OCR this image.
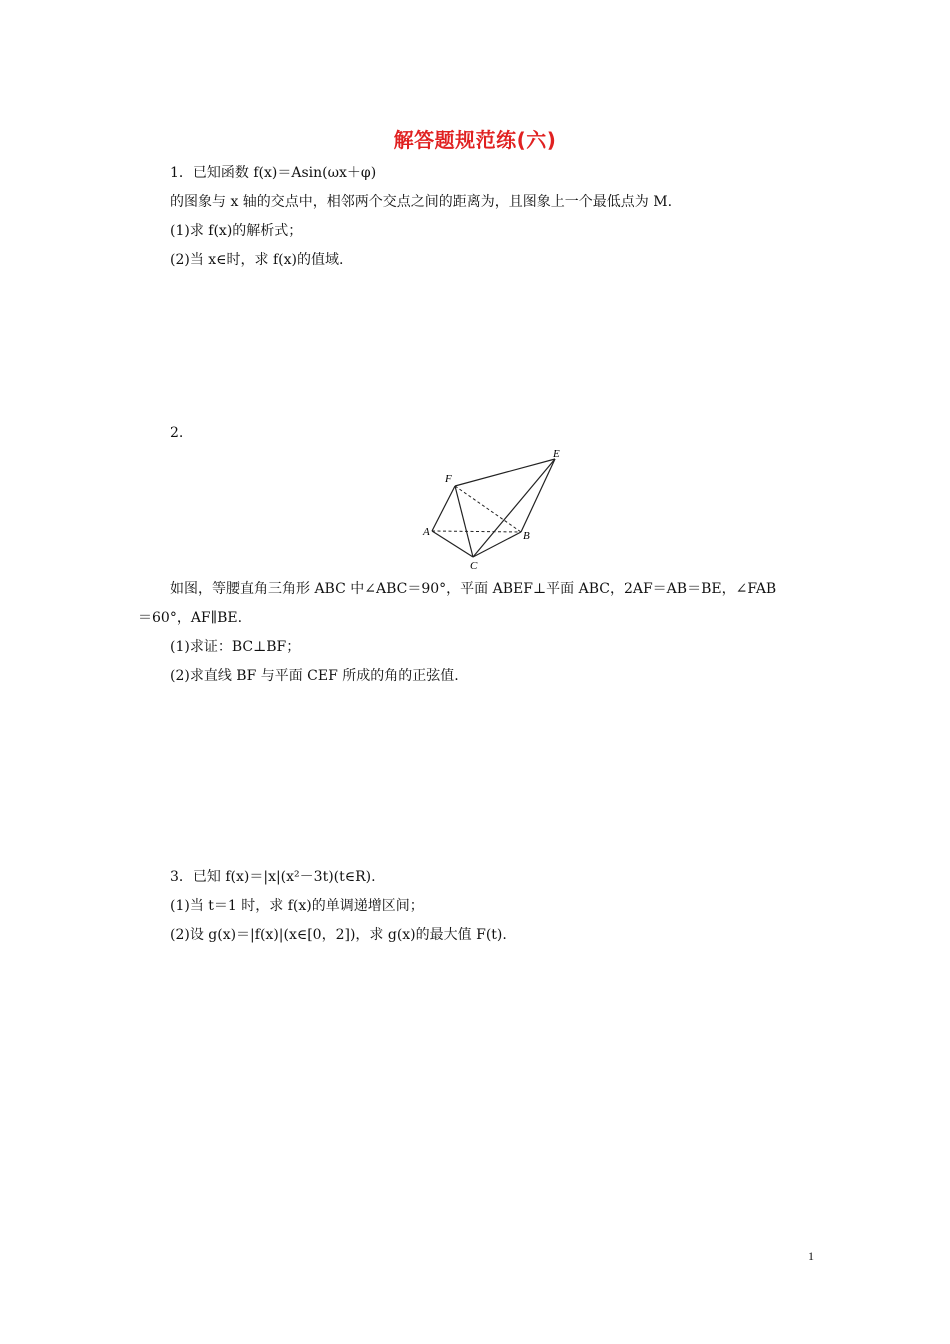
解答题规范练(六)
1．已知函数 f(x)＝Asin(ωx＋φ)
的图象与 x 轴的交点中，相邻两个交点之间的距离为，且图象上一个最低点为 M.
(1)求 f(x)的解析式；
(2)当 x∈时，求 f(x)的值域.
2.
F
E
A	B
C
如图，等腰直角三角形 ABC 中∠ABC＝90°，平面 ABEF⊥平面 ABC，2AF＝AB＝BE，∠FAB
＝60°，AF∥BE.
(1)求证：BC⊥BF；
(2)求直线 BF 与平面 CEF 所成的角的正弦值.
3．已知 f(x)＝|x|(x²－3t)(t∈R).
(1)当 t＝1 时，求 f(x)的单调递增区间；
(2)设 g(x)＝|f(x)|(x∈[0，2])，求 g(x)的最大值 F(t).
1
